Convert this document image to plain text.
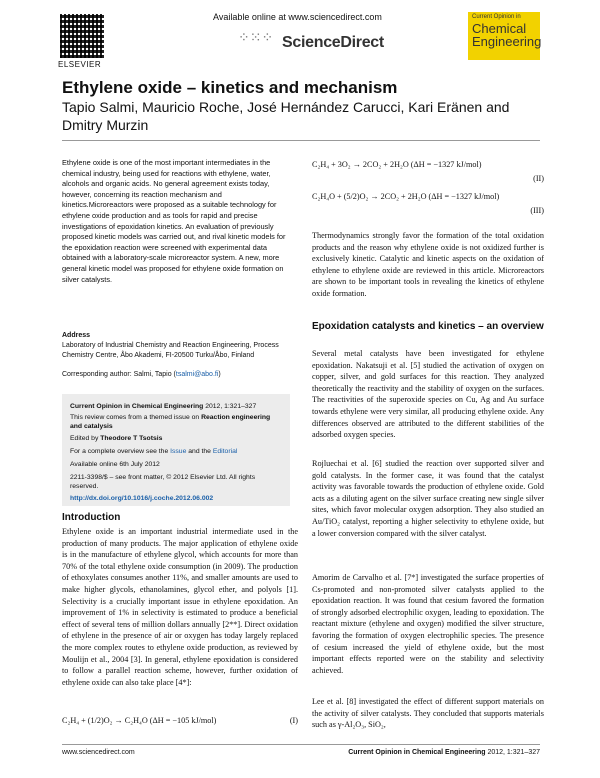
ELSEVIER
Available online at www.sciencedirect.com
⁘⁙⁘ ScienceDirect
Current Opinion in
Chemical
Engineering
Ethylene oxide – kinetics and mechanism
Tapio Salmi, Mauricio Roche, José Hernández Carucci, Kari Eränen and Dmitry Murzin
Ethylene oxide is one of the most important intermediates in the chemical industry, being used for reactions with ethylene, water, alcohols and organic acids. No general agreement exists today, however, concerning its reaction mechanism and kinetics.Microreactors were proposed as a suitable technology for ethylene oxide production and as tools for rapid and precise investigations of epoxidation kinetics. An evaluation of previously proposed kinetic models was carried out, and rival kinetic models for the epoxidation reaction were screened with experimental data obtained with a laboratory-scale microreactor system. A new, more general kinetic model was proposed for ethylene oxide formation on silver catalysts.
Address
Laboratory of Industrial Chemistry and Reaction Engineering, Process Chemistry Centre, Åbo Akademi, FI-20500 Turku/Åbo, Finland
Corresponding author: Salmi, Tapio (tsalmi@abo.fi)
Current Opinion in Chemical Engineering 2012, 1:321–327
This review comes from a themed issue on Reaction engineering and catalysis
Edited by Theodore T Tsotsis
For a complete overview see the Issue and the Editorial
Available online 6th July 2012
2211-3398/$ – see front matter, © 2012 Elsevier Ltd. All rights reserved.
http://dx.doi.org/10.1016/j.coche.2012.06.002
Introduction
Ethylene oxide is an important industrial intermediate used in the production of many products. The major application of ethylene oxide is in the manufacture of ethylene glycol, which accounts for more than 70% of the total ethylene oxide consumption (in 2009). The production of ethoxylates consumes another 11%, and smaller amounts are used to make higher glycols, ethanolamines, glycol ether, and polyols [1]. Selectivity is a crucially important issue in ethylene epoxidation. An improvement of 1% in selectivity is estimated to produce a beneficial effect of several tens of million dollars annually [2**]. Direct oxidation of ethylene in the presence of air or oxygen has today largely replaced the more complex routes to ethylene oxide production, as reviewed by Moulijn et al., 2004 [3]. In general, ethylene epoxidation is considered to follow a parallel reaction scheme, however, further oxidation of ethylene oxide can also take place [4*]:
C₂H₄ + (1/2)O₂ → C₂H₄O (ΔH = −105 kJ/mol)	(I)
C₂H₄ + 3O₂ → 2CO₂ + 2H₂O (ΔH = −1327 kJ/mol)
(II)
C₂H₄O + (5/2)O₂ → 2CO₂ + 2H₂O (ΔH = −1327 kJ/mol)
(III)
Thermodynamics strongly favor the formation of the total oxidation products and the reason why ethylene oxide is not oxidized further is exclusively kinetic. Catalytic and kinetic aspects on the oxidation of ethylene to ethylene oxide are reviewed in this article. Microreactors are shown to be important tools in revealing the kinetics of ethylene oxide formation.
Epoxidation catalysts and kinetics – an overview
Several metal catalysts have been investigated for ethylene epoxidation. Nakatsuji et al. [5] studied the activation of oxygen on copper, silver, and gold surfaces for this reaction. They analyzed theoretically the reactivity and the stability of oxygen on the surfaces. The reactivities of the superoxide species on Cu, Ag and Au surface towards ethylene were very similar, all producing ethylene oxide. Any differences observed are attributed to the different stabilities of the adsorbed oxygen species.
Rojluechai et al. [6] studied the reaction over supported silver and gold catalysts. In the former case, it was found that the catalyst activity was favorable towards the production of ethylene oxide. Gold acts as a diluting agent on the silver surface creating new single silver sites, which favor molecular oxygen adsorption. They also studied an Au/TiO₂ catalyst, reporting a higher selectivity to ethylene oxide, but a lower conversion compared with the silver catalyst.
Amorim de Carvalho et al. [7*] investigated the surface properties of Cs-promoted and non-promoted silver catalysts applied to the epoxidation reaction. It was found that cesium favored the formation of strongly adsorbed electrophilic oxygen, leading to epoxidation. The reactant mixture (ethylene and oxygen) modified the silver structure, favoring the formation of oxygen electrophilic species. The presence of cesium increased the yield of ethylene oxide, but the most important effects reported were on the stability and selectivity achieved.
Lee et al. [8] investigated the effect of different support materials on the activity of silver catalysts. They concluded that supports materials such as γ-Al₂O₃, SiO₂,
www.sciencedirect.com	Current Opinion in Chemical Engineering 2012, 1:321–327
